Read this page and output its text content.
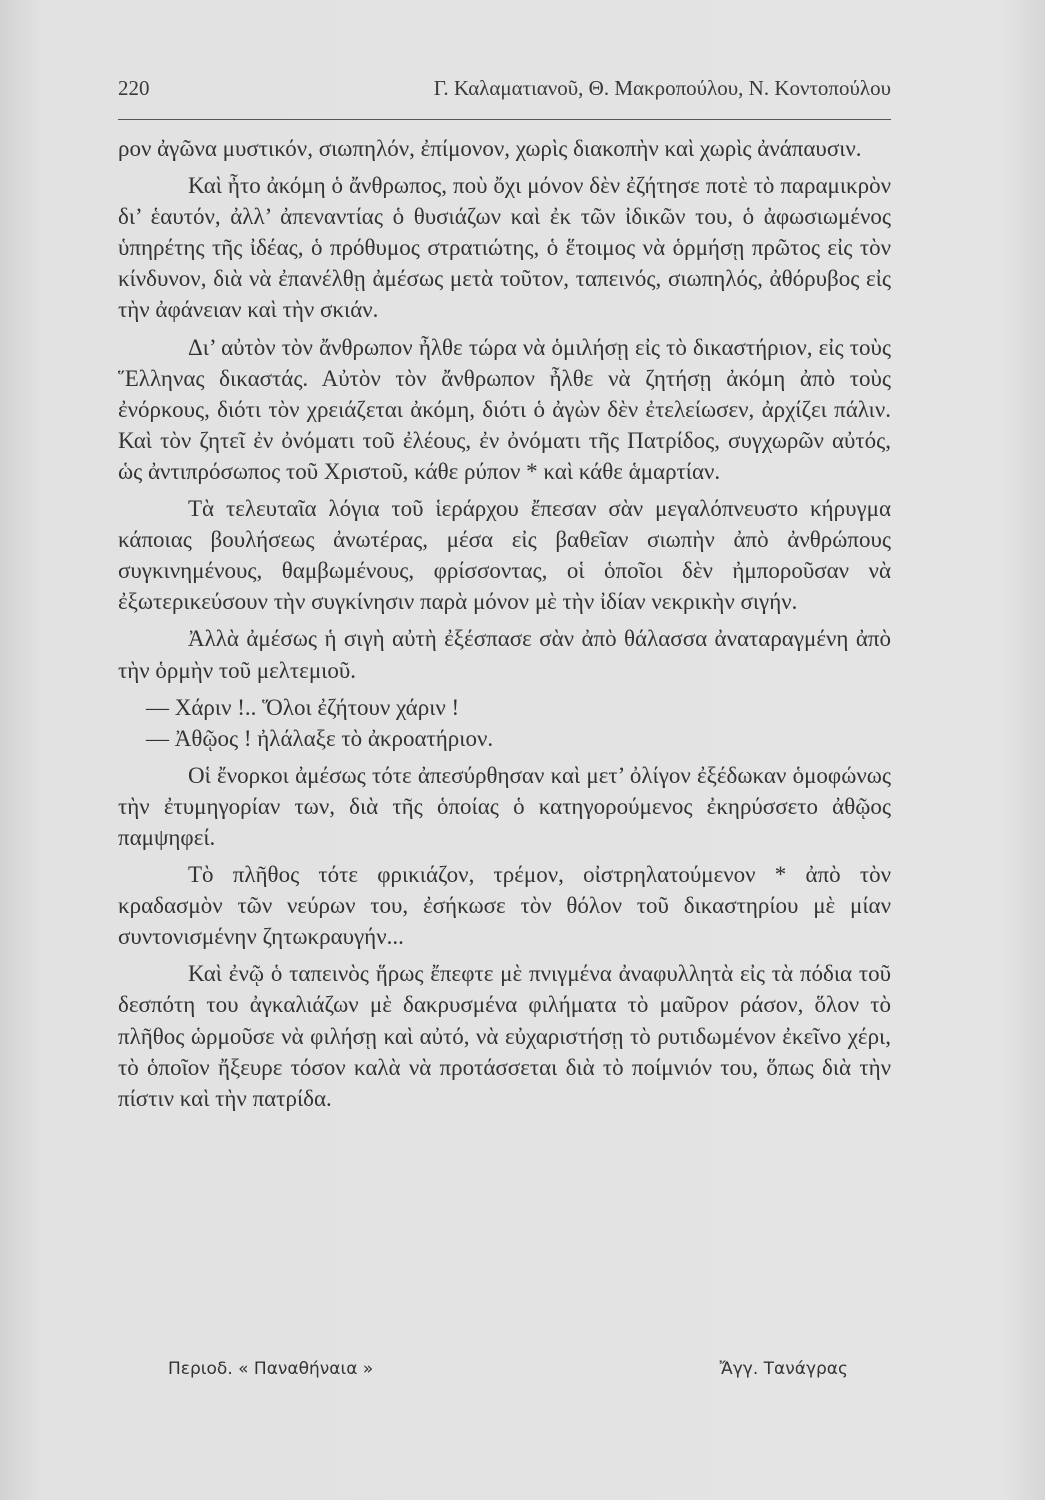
220	Γ. Καλαματιανοῦ, Θ. Μακροπούλου, Ν. Κοντοπούλου

ρον ἀγῶνα μυστικόν, σιωπηλόν, ἐπίμονον, χωρὶς διακοπὴν καὶ χωρὶς ἀνάπαυσιν.

Καὶ ἦτο ἀκόμη ὁ ἄνθρωπος, ποὺ ὄχι μόνον δὲν ἐζήτησε ποτὲ τὸ παραμικρὸν δι’ ἑαυτόν, ἀλλ’ ἀπεναντίας ὁ θυσιάζων καὶ ἐκ τῶν ἰδικῶν του, ὁ ἀφωσιωμένος ὑπηρέτης τῆς ἰδέας, ὁ πρόθυμος στρατιώτης, ὁ ἕτοιμος νὰ ὁρμήσῃ πρῶτος εἰς τὸν κίνδυνον, διὰ νὰ ἐπανέλθῃ ἀμέσως μετὰ τοῦτον, ταπεινός, σιωπηλός, ἀθόρυβος εἰς τὴν ἀφάνειαν καὶ τὴν σκιάν.

Δι’ αὐτὸν τὸν ἄνθρωπον ἦλθε τώρα νὰ ὁμιλήσῃ εἰς τὸ δικαστήριον, εἰς τοὺς Ἕλληνας δικαστάς. Αὐτὸν τὸν ἄνθρωπον ἦλθε νὰ ζητήσῃ ἀκόμη ἀπὸ τοὺς ἐνόρκους, διότι τὸν χρειάζεται ἀκόμη, διότι ὁ ἀγὼν δὲν ἐτελείωσεν, ἀρχίζει πάλιν. Καὶ τὸν ζητεῖ ἐν ὀνόματι τοῦ ἐλέους, ἐν ὀνόματι τῆς Πατρίδος, συγχωρῶν αὐτός, ὡς ἀντιπρόσωπος τοῦ Χριστοῦ, κάθε ρύπον * καὶ κάθε ἁμαρτίαν.

Τὰ τελευταῖα λόγια τοῦ ἱεράρχου ἔπεσαν σὰν μεγαλόπνευστο κήρυγμα κάποιας βουλήσεως ἀνωτέρας, μέσα εἰς βαθεῖαν σιωπὴν ἀπὸ ἀνθρώπους συγκινημένους, θαμβωμένους, φρίσσοντας, οἱ ὁποῖοι δὲν ἠμποροῦσαν νὰ ἐξωτερικεύσουν τὴν συγκίνησιν παρὰ μόνον μὲ τὴν ἰδίαν νεκρικὴν σιγήν.

Ἀλλὰ ἀμέσως ἡ σιγὴ αὐτὴ ἐξέσπασε σὰν ἀπὸ θάλασσα ἀναταραγμένη ἀπὸ τὴν ὁρμὴν τοῦ μελτεμιοῦ.

— Χάριν !.. Ὅλοι ἐζήτουν χάριν !

— Ἀθῷος ! ἠλάλαξε τὸ ἀκροατήριον.

Οἱ ἔνορκοι ἀμέσως τότε ἀπεσύρθησαν καὶ μετ’ ὀλίγον ἐξέδωκαν ὁμοφώνως τὴν ἐτυμηγορίαν των, διὰ τῆς ὁποίας ὁ κατηγορούμενος ἐκηρύσσετο ἀθῷος παμψηφεί.

Τὸ πλῆθος τότε φρικιάζον, τρέμον, οἰστρηλατούμενον * ἀπὸ τὸν κραδασμὸν τῶν νεύρων του, ἐσήκωσε τὸν θόλον τοῦ δικαστηρίου μὲ μίαν συντονισμένην ζητωκραυγήν...

Καὶ ἐνῷ ὁ ταπεινὸς ἥρως ἔπεφτε μὲ πνιγμένα ἀναφυλλητὰ εἰς τὰ πόδια τοῦ δεσπότη του ἀγκαλιάζων μὲ δακρυσμένα φιλήματα τὸ μαῦρον ράσον, ὅλον τὸ πλῆθος ὡρμοῦσε νὰ φιλήσῃ καὶ αὐτό, νὰ εὐχαριστήσῃ τὸ ρυτιδωμένον ἐκεῖνο χέρι, τὸ ὁποῖον ἤξευρε τόσον καλὰ νὰ προτάσσεται διὰ τὸ ποίμνιόν του, ὅπως διὰ τὴν πίστιν καὶ τὴν πατρίδα.

Περιοδ. « Παναθήναια »	Ἄγγ. Τανάγρας
